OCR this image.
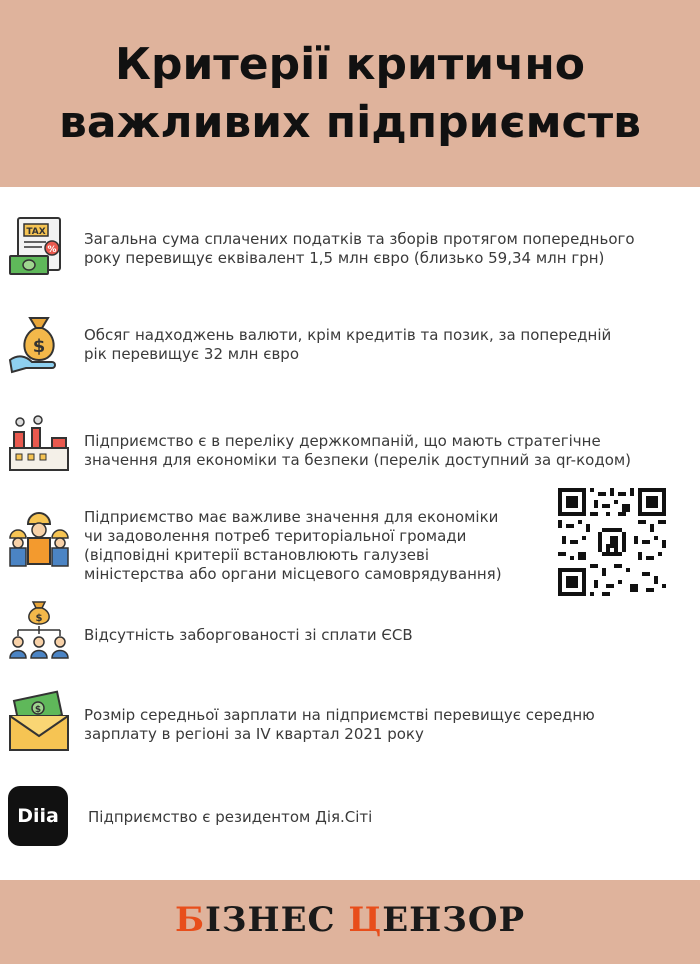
Критерії критично
важливих підприємств
TAX
%
Загальна сума сплачених податків та зборів протягом попереднього
року перевищує еквівалент 1,5 млн євро (близько 59,34 млн грн)
$
Обсяг надходжень валюти, крім кредитів та позик, за попередній
рік перевищує 32 млн євро
Підприємство є в переліку держкомпаній, що мають стратегічне
значення для економіки та безпеки (перелік доступний за qr-кодом)
Підприємство має важливе значення для економіки
чи задоволення потреб територіальної громади
(відповідні критерії встановлюють галузеві
міністерства або органи місцевого самоврядування)
$
Відсутність заборгованості зі сплати ЄСВ
$	Розмір середньої зарплати на підприємстві перевищує середню
зарплату в регіоні за IV квартал 2021 року
Diia	Підприємство є резидентом Дія.Сіті
БІЗНЕС ЦЕНЗОР
